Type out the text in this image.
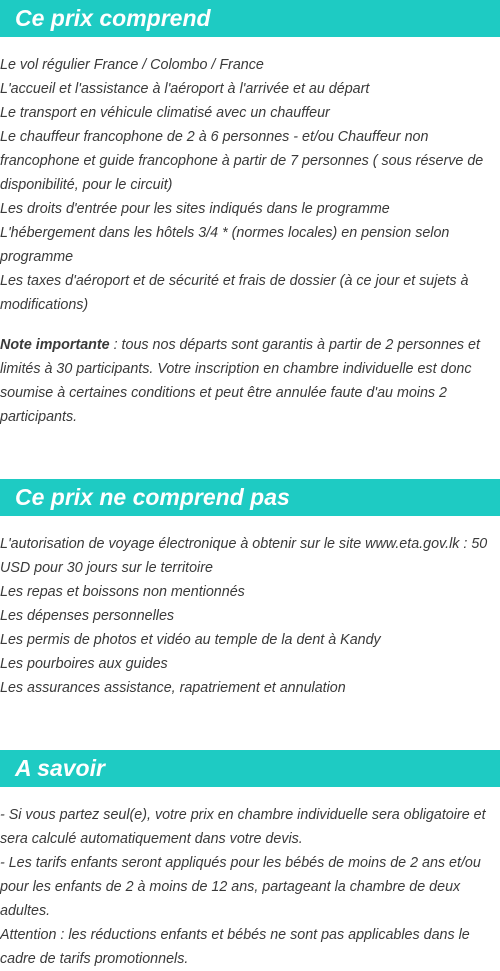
Ce prix comprend
Le vol régulier France / Colombo / France
L'accueil et l'assistance à l'aéroport à l'arrivée et au départ
Le transport en véhicule climatisé avec un chauffeur
Le chauffeur francophone de 2 à 6 personnes - et/ou Chauffeur non francophone et guide francophone à partir de 7 personnes ( sous réserve de disponibilité, pour le circuit)
Les droits d'entrée pour les sites indiqués dans le programme
L'hébergement dans les hôtels 3/4 * (normes locales) en pension selon programme
Les taxes d'aéroport et de sécurité et frais de dossier (à ce jour et sujets à modifications)
Note importante : tous nos départs sont garantis à partir de 2 personnes et limités à 30 participants. Votre inscription en chambre individuelle est donc soumise à certaines conditions et peut être annulée faute d'au moins 2 participants.
Ce prix ne comprend pas
L'autorisation de voyage électronique à obtenir sur le site www.eta.gov.lk : 50 USD pour 30 jours sur le territoire
Les repas et boissons non mentionnés
Les dépenses personnelles
Les permis de photos et vidéo au temple de la dent à Kandy
Les pourboires aux guides
Les assurances assistance, rapatriement et annulation
A savoir
- Si vous partez seul(e), votre prix en chambre individuelle sera obligatoire et sera calculé automatiquement dans votre devis.
- Les tarifs enfants seront appliqués pour les bébés de moins de 2 ans et/ou pour les enfants de 2 à moins de 12 ans, partageant la chambre de deux adultes.
Attention : les réductions enfants et bébés ne sont pas applicables dans le cadre de tarifs promotionnels.
